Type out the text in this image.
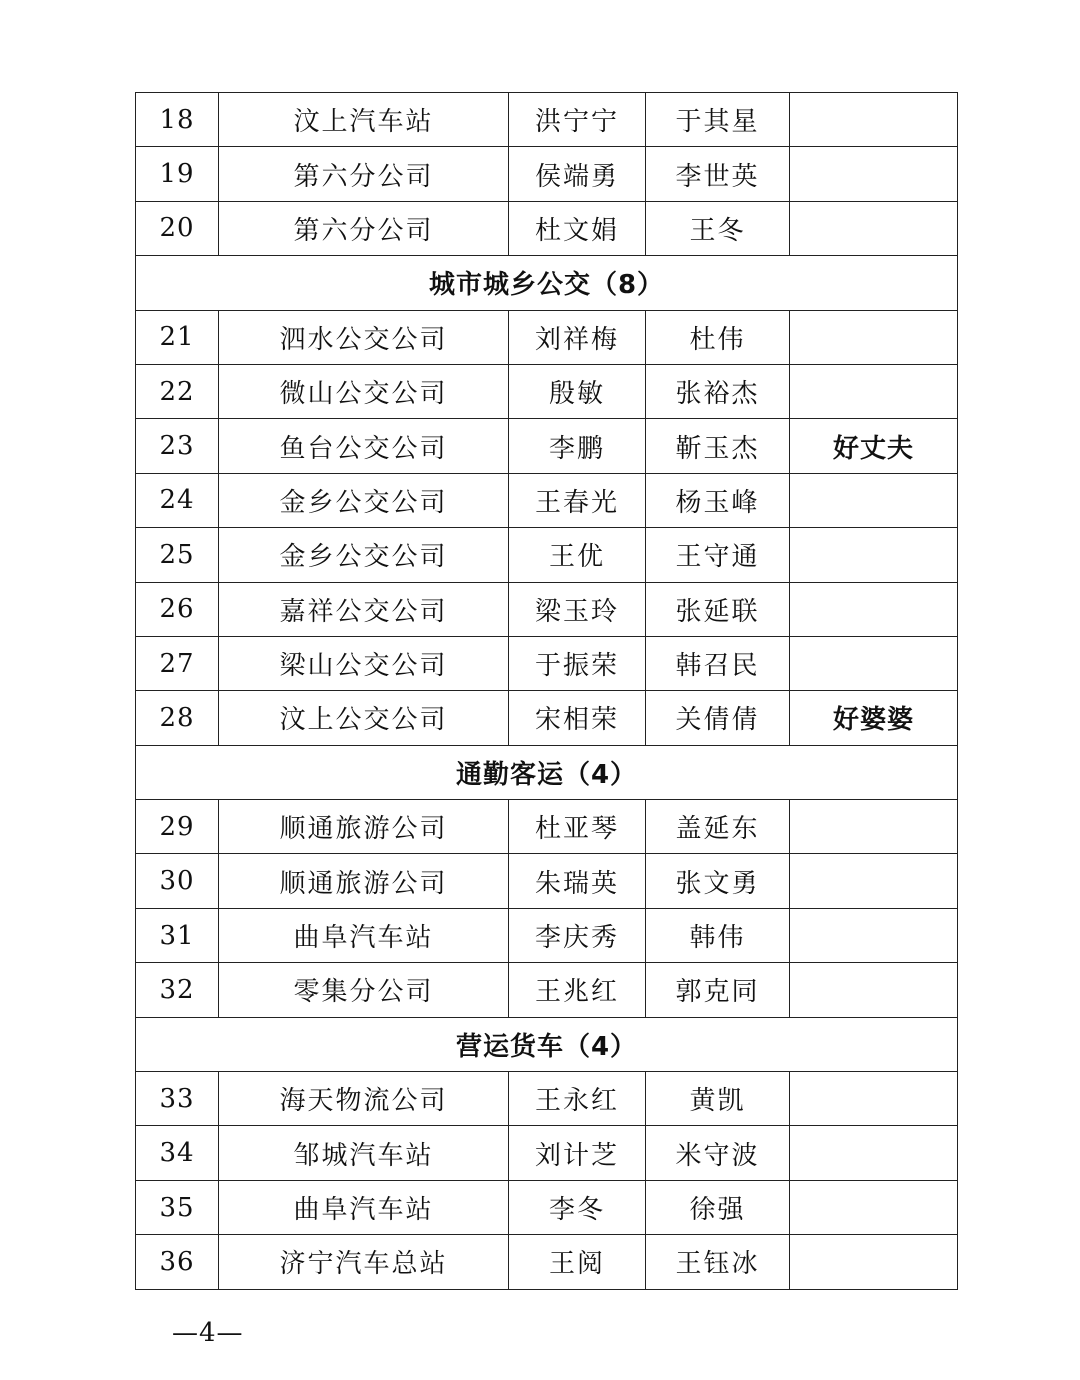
18	汶上汽车站	洪宁宁	于其星	
19	第六分公司	侯端勇	李世英	
20	第六分公司	杜文娟	王冬	
城市城乡公交（8）				
21	泗水公交公司	刘祥梅	杜伟	
22	微山公交公司	殷敏	张裕杰	
23	鱼台公交公司	李鹏	靳玉杰	好丈夫
24	金乡公交公司	王春光	杨玉峰	
25	金乡公交公司	王优	王守通	
26	嘉祥公交公司	梁玉玲	张延联	
27	梁山公交公司	于振荣	韩召民	
28	汶上公交公司	宋相荣	关倩倩	好婆婆
通勤客运（4）				
29	顺通旅游公司	杜亚琴	盖延东	
30	顺通旅游公司	朱瑞英	张文勇	
31	曲阜汽车站	李庆秀	韩伟	
32	零集分公司	王兆红	郭克同	
营运货车（4）				
33	海天物流公司	王永红	黄凯	
34	邹城汽车站	刘计芝	米守波	
35	曲阜汽车站	李冬	徐强	
36	济宁汽车总站	王阅	王钰冰	
—4—
